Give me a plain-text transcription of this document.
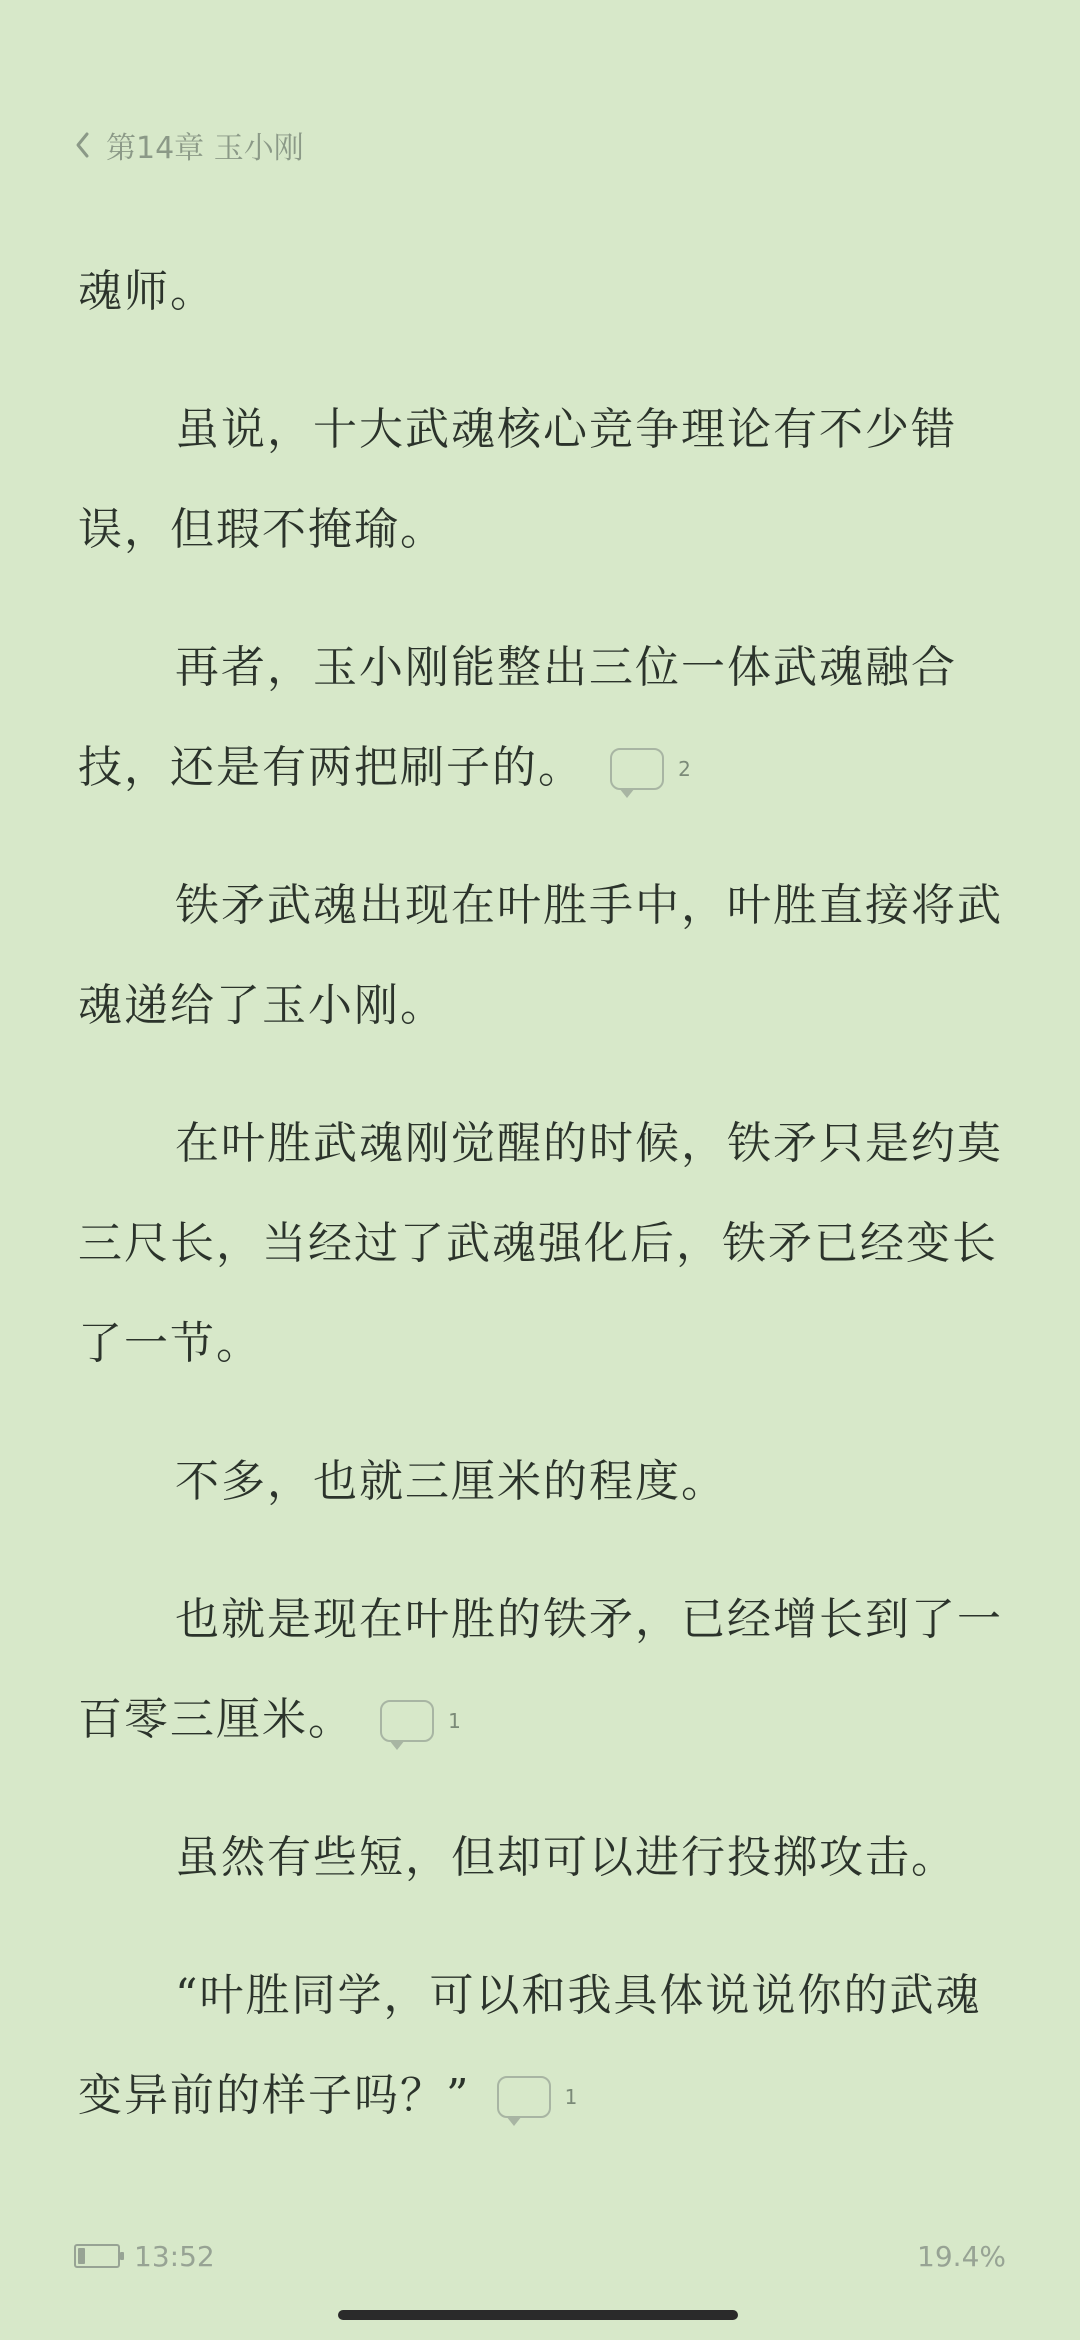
第14章 玉小刚

魂师。

虽说，十大武魂核心竞争理论有不少错误，但瑕不掩瑜。

再者，玉小刚能整出三位一体武魂融合技，还是有两把刷子的。	2

铁矛武魂出现在叶胜手中，叶胜直接将武魂递给了玉小刚。

在叶胜武魂刚觉醒的时候，铁矛只是约莫三尺长，当经过了武魂强化后，铁矛已经变长了一节。

不多，也就三厘米的程度。

也就是现在叶胜的铁矛，已经增长到了一百零三厘米。	1

虽然有些短，但却可以进行投掷攻击。

“叶胜同学，可以和我具体说说你的武魂变异前的样子吗？”	1

13:52	19.4%
